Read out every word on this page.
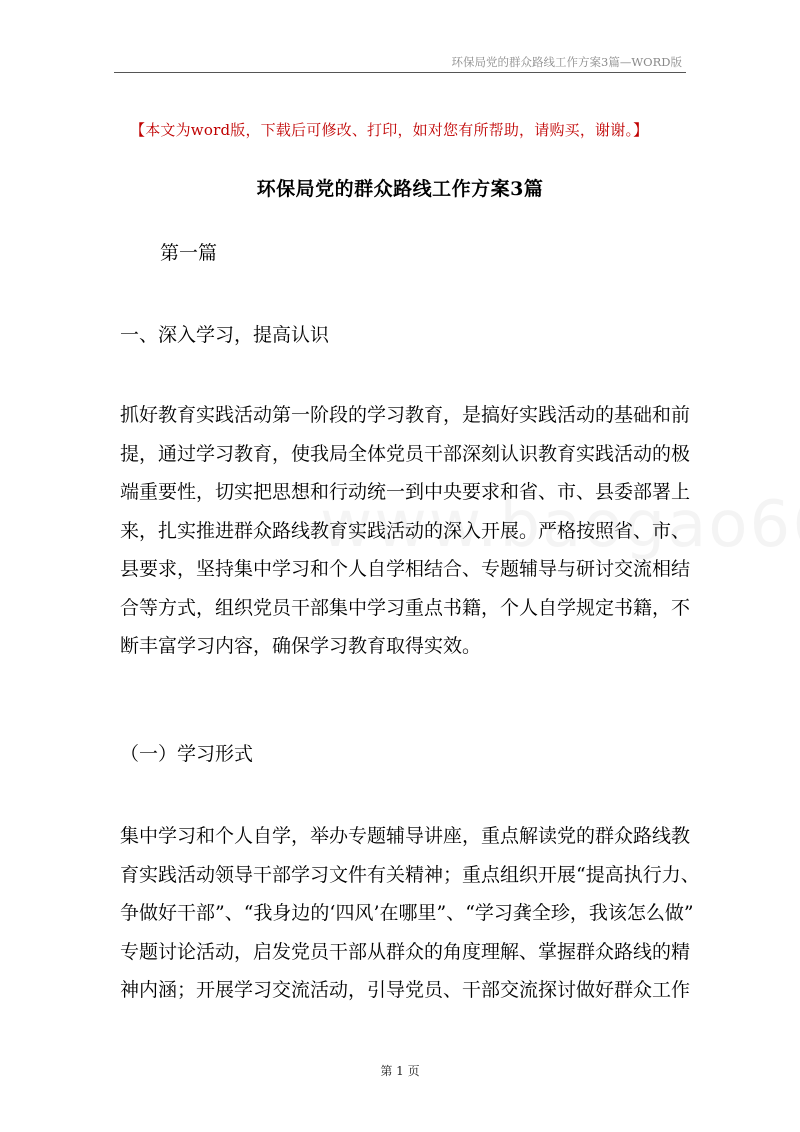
环保局党的群众路线工作方案3篇—WORD版
【本文为word版，下载后可修改、打印，如对您有所帮助，请购买，谢谢。】
环保局党的群众路线工作方案3篇
第一篇
一、深入学习，提高认识
抓好教育实践活动第一阶段的学习教育，是搞好实践活动的基础和前
提，通过学习教育，使我局全体党员干部深刻认识教育实践活动的极
端重要性，切实把思想和行动统一到中央要求和省、市、县委部署上
来，扎实推进群众路线教育实践活动的深入开展。严格按照省、市、
县要求，坚持集中学习和个人自学相结合、专题辅导与研讨交流相结
合等方式，组织党员干部集中学习重点书籍，个人自学规定书籍，不
断丰富学习内容，确保学习教育取得实效。
（一）学习形式
集中学习和个人自学，举办专题辅导讲座，重点解读党的群众路线教
育实践活动领导干部学习文件有关精神；重点组织开展“提高执行力、
争做好干部”、“我身边的‘四风’在哪里”、“学习龚全珍，我该怎么做”
专题讨论活动，启发党员干部从群众的角度理解、掌握群众路线的精
神内涵；开展学习交流活动，引导党员、干部交流探讨做好群众工作
第 1 页
